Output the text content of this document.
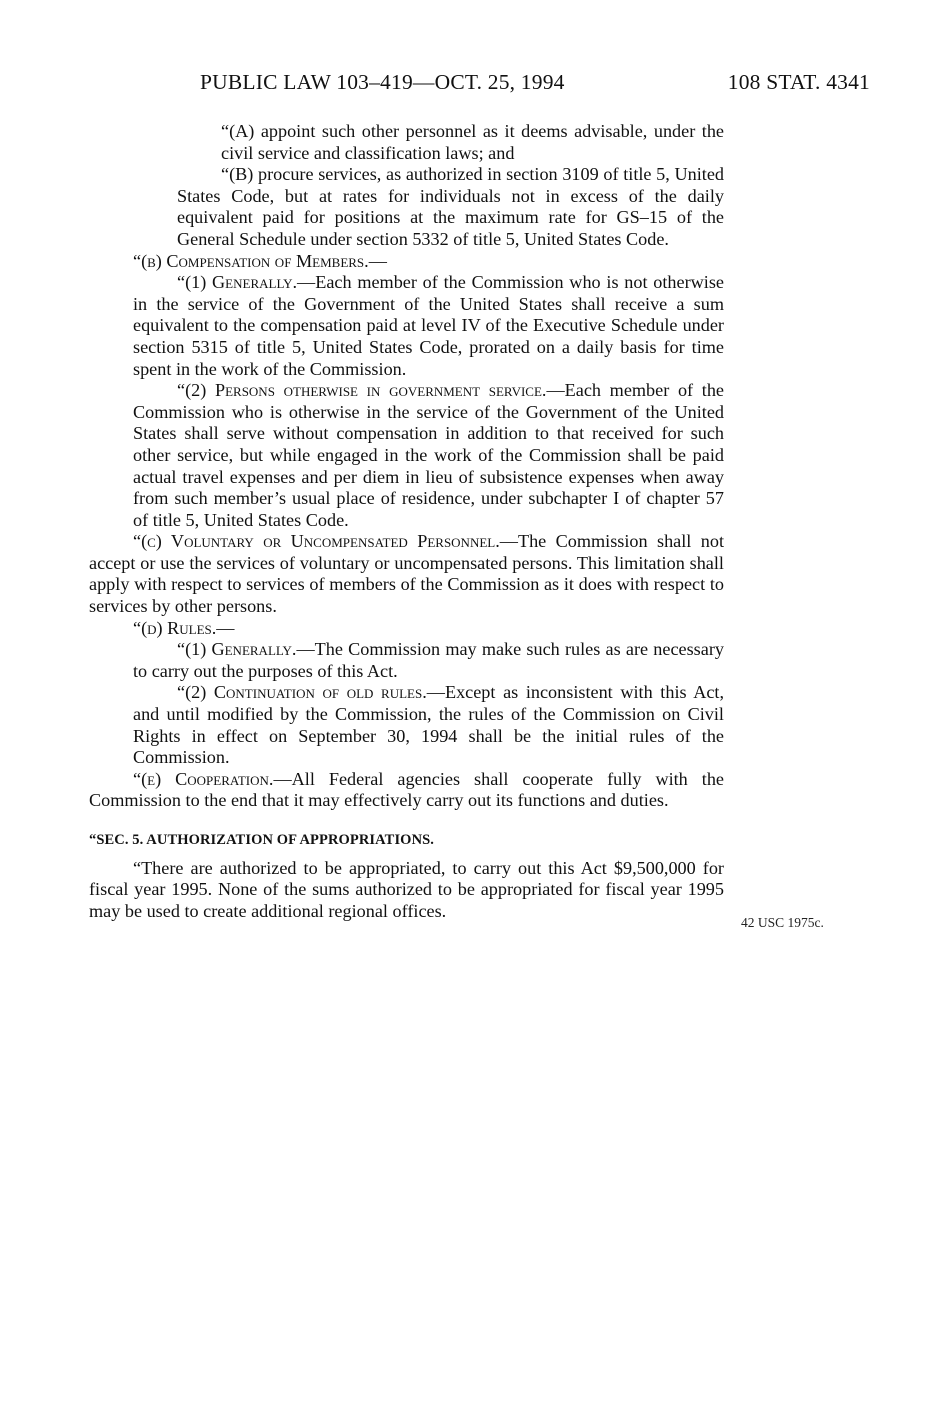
PUBLIC LAW 103–419—OCT. 25, 1994	108 STAT. 4341
“(A) appoint such other personnel as it deems advisable, under the civil service and classification laws; and
“(B) procure services, as authorized in section 3109 of title 5, United States Code, but at rates for individuals not in excess of the daily equivalent paid for positions at the maximum rate for GS–15 of the General Schedule under section 5332 of title 5, United States Code.
“(b) Compensation of Members.—
“(1) Generally.—Each member of the Commission who is not otherwise in the service of the Government of the United States shall receive a sum equivalent to the compensation paid at level IV of the Executive Schedule under section 5315 of title 5, United States Code, prorated on a daily basis for time spent in the work of the Commission.
“(2) Persons otherwise in government service.—Each member of the Commission who is otherwise in the service of the Government of the United States shall serve without compensation in addition to that received for such other service, but while engaged in the work of the Commission shall be paid actual travel expenses and per diem in lieu of subsistence expenses when away from such member’s usual place of residence, under subchapter I of chapter 57 of title 5, United States Code.
“(c) Voluntary or Uncompensated Personnel.—The Commission shall not accept or use the services of voluntary or uncompensated persons. This limitation shall apply with respect to services of members of the Commission as it does with respect to services by other persons.
“(d) Rules.—
“(1) Generally.—The Commission may make such rules as are necessary to carry out the purposes of this Act.
“(2) Continuation of old rules.—Except as inconsistent with this Act, and until modified by the Commission, the rules of the Commission on Civil Rights in effect on September 30, 1994 shall be the initial rules of the Commission.
“(e) Cooperation.—All Federal agencies shall cooperate fully with the Commission to the end that it may effectively carry out its functions and duties.
“SEC. 5. AUTHORIZATION OF APPROPRIATIONS.
“There are authorized to be appropriated, to carry out this Act $9,500,000 for fiscal year 1995. None of the sums authorized to be appropriated for fiscal year 1995 may be used to create additional regional offices.
42 USC 1975c.
